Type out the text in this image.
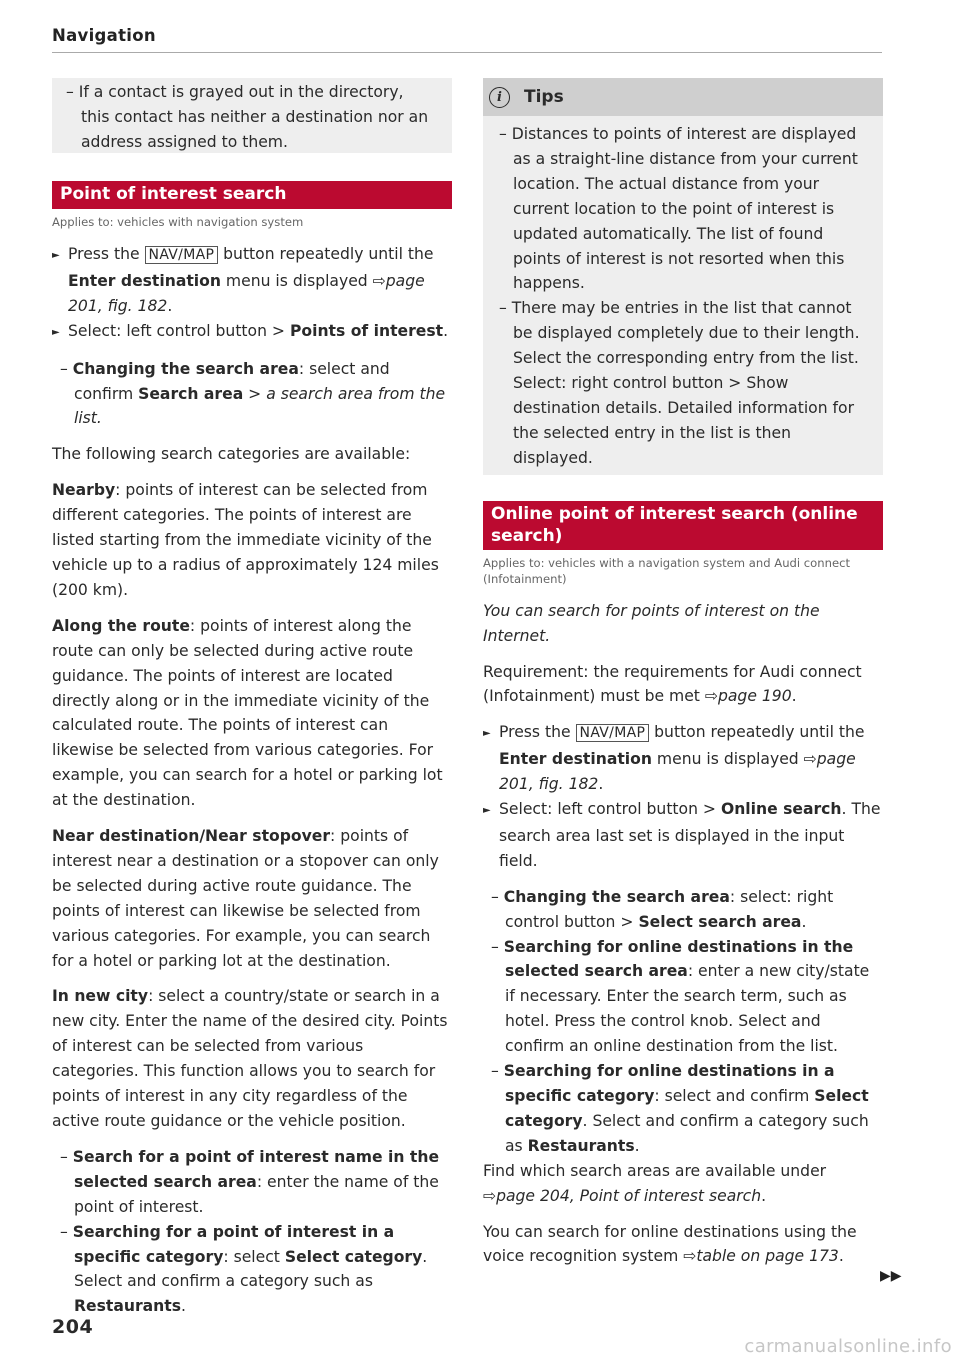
Navigation
– If a contact is grayed out in the directory,
this contact has neither a destination nor an
address assigned to them.
Point of interest search
Applies to: vehicles with navigation system

► Press the NAV/MAP button repeatedly until the Enter destination menu is displayed ⇨page 201, fig. 182.

► Select: left control button > Points of interest.

– Changing the search area: select and confirm Search area > a search area from the list.

The following search categories are available:

Nearby: points of interest can be selected from different categories. The points of interest are listed starting from the immediate vicinity of the vehicle up to a radius of approximately 124 miles (200 km).

Along the route: points of interest along the route can only be selected during active route guidance. The points of interest are located directly along or in the immediate vicinity of the calculated route. The points of interest can likewise be selected from various categories. For example, you can search for a hotel or parking lot at the destination.

Near destination/Near stopover: points of interest near a destination or a stopover can only be selected during active route guidance. The points of interest can likewise be selected from various categories. For example, you can search for a hotel or parking lot at the destination.

In new city: select a country/state or search in a new city. Enter the name of the desired city. Points of interest can be selected from various categories. This function allows you to search for points of interest in any city regardless of the active route guidance or the vehicle position.

– Search for a point of interest name in the selected search area: enter the name of the point of interest.

– Searching for a point of interest in a specific category: select Select category. Select and confirm a category such as Restaurants.

i	Tips

– Distances to points of interest are displayed as a straight-line distance from your current location. The actual distance from your current location to the point of interest is updated automatically. The list of found points of interest is not resorted when this happens.

– There may be entries in the list that cannot be displayed completely due to their length. Select the corresponding entry from the list. Select: right control button > Show destination details. Detailed information for the selected entry in the list is then displayed.

Online point of interest search (online search)
Applies to: vehicles with a navigation system and Audi connect (Infotainment)

You can search for points of interest on the Internet.

Requirement: the requirements for Audi connect (Infotainment) must be met ⇨page 190.

► Press the NAV/MAP button repeatedly until the Enter destination menu is displayed ⇨page 201, fig. 182.

► Select: left control button > Online search. The search area last set is displayed in the input field.

– Changing the search area: select: right control button > Select search area.

– Searching for online destinations in the selected search area: enter a new city/state if necessary. Enter the search term, such as hotel. Press the control knob. Select and confirm an online destination from the list.

– Searching for online destinations in a specific category: select and confirm Select category. Select and confirm a category such as Restaurants.

Find which search areas are available under ⇨page 204, Point of interest search.

You can search for online destinations using the voice recognition system ⇨table on page 173.

▶▶
204
carmanualsonline.info
